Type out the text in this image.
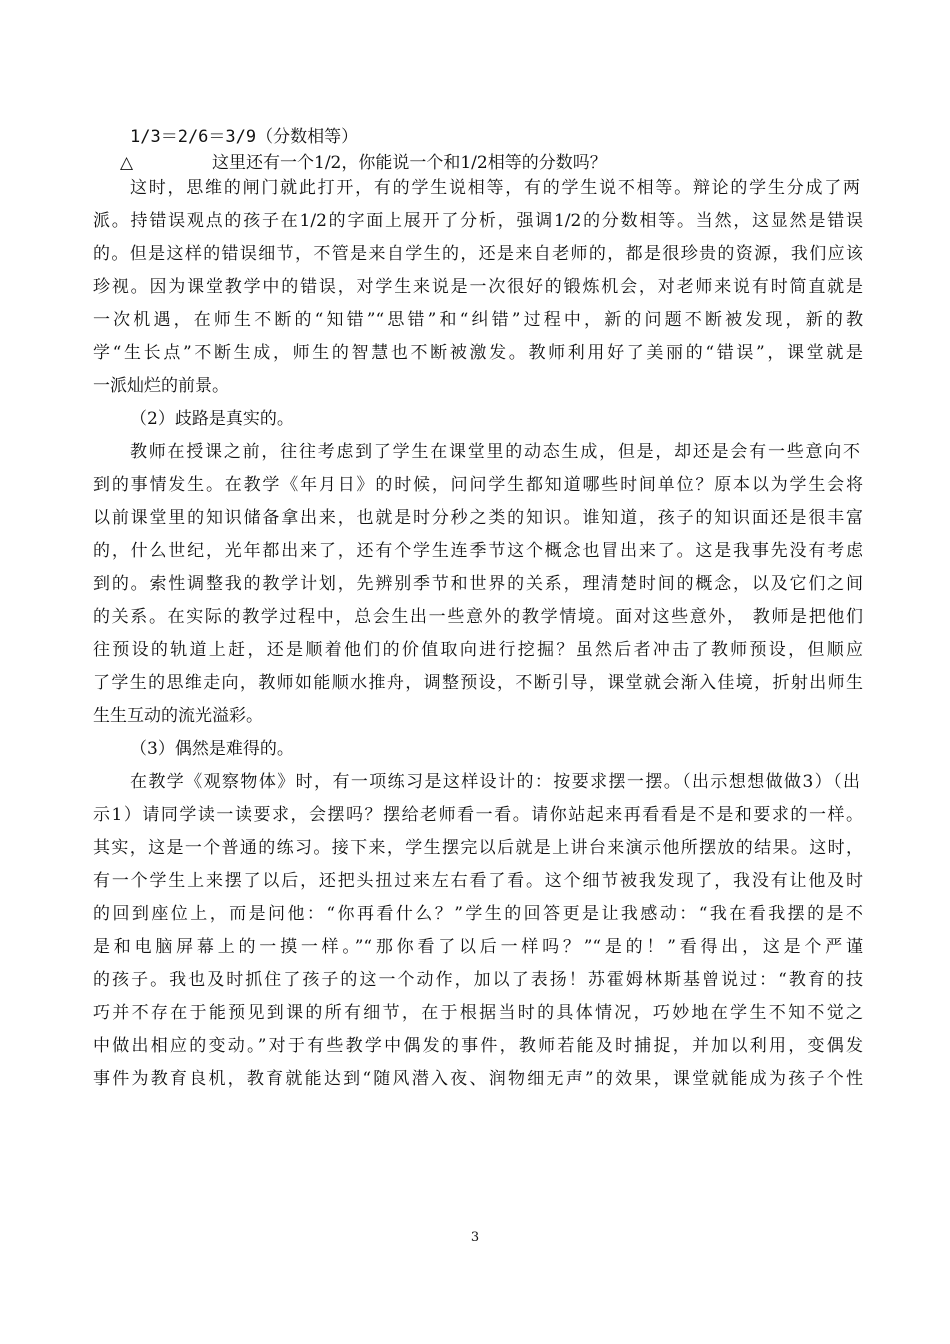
1/3＝2/6＝3/9（分数相等）
△	这里还有一个1/2，你能说一个和1/2相等的分数吗？
这时，思维的闸门就此打开，有的学生说相等，有的学生说不相等。辩论的学生分成了两
派。持错误观点的孩子在1/2的字面上展开了分析，强调1/2的分数相等。当然，这显然是错误
的。但是这样的错误细节，不管是来自学生的，还是来自老师的，都是很珍贵的资源，我们应该
珍视。因为课堂教学中的错误，对学生来说是一次很好的锻炼机会，对老师来说有时简直就是
一次机遇，在师生不断的“知错”“思错”和“纠错”过程中，新的问题不断被发现，新的教
学“生长点”不断生成，师生的智慧也不断被激发。教师利用好了美丽的“错误”，课堂就是
一派灿烂的前景。
（2）歧路是真实的。
教师在授课之前，往往考虑到了学生在课堂里的动态生成，但是，却还是会有一些意向不
到的事情发生。在教学《年月日》的时候，问问学生都知道哪些时间单位？原本以为学生会将
以前课堂里的知识储备拿出来，也就是时分秒之类的知识。谁知道，孩子的知识面还是很丰富
的，什么世纪，光年都出来了，还有个学生连季节这个概念也冒出来了。这是我事先没有考虑
到的。索性调整我的教学计划，先辨别季节和世界的关系，理清楚时间的概念，以及它们之间
的关系。在实际的教学过程中，总会生出一些意外的教学情境。面对这些意外， 教师是把他们
往预设的轨道上赶，还是顺着他们的价值取向进行挖掘？虽然后者冲击了教师预设，但顺应
了学生的思维走向，教师如能顺水推舟，调整预设，不断引导，课堂就会渐入佳境，折射出师生
生生互动的流光溢彩。
（3）偶然是难得的。
在教学《观察物体》时，有一项练习是这样设计的：按要求摆一摆。（出示想想做做3）（出
示1）请同学读一读要求，会摆吗？摆给老师看一看。请你站起来再看看是不是和要求的一样。
其实，这是一个普通的练习。接下来，学生摆完以后就是上讲台来演示他所摆放的结果。这时，
有一个学生上来摆了以后，还把头扭过来左右看了看。这个细节被我发现了，我没有让他及时
的回到座位上，而是问他：“你再看什么？”学生的回答更是让我感动：“我在看我摆的是不
是和电脑屏幕上的一摸一样。”“那你看了以后一样吗？”“是的！”看得出，这是个严谨
的孩子。我也及时抓住了孩子的这一个动作，加以了表扬！苏霍姆林斯基曾说过：“教育的技
巧并不存在于能预见到课的所有细节，在于根据当时的具体情况，巧妙地在学生不知不觉之
中做出相应的变动。”对于有些教学中偶发的事件，教师若能及时捕捉，并加以利用，变偶发
事件为教育良机，教育就能达到“随风潜入夜、润物细无声”的效果，课堂就能成为孩子个性
3
